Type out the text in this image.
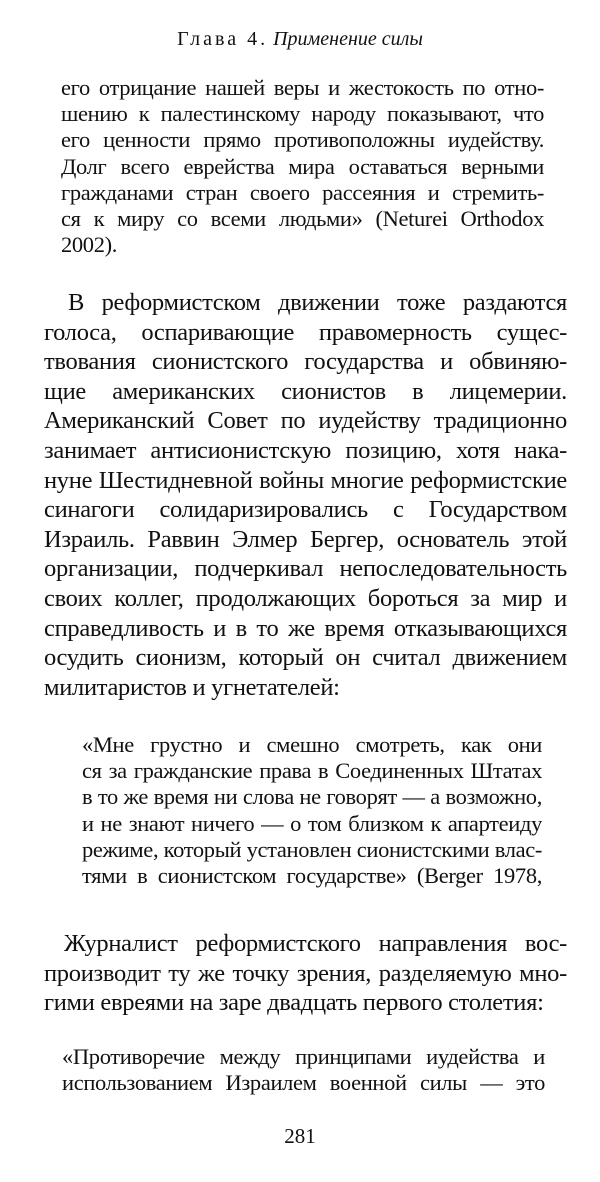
Глава 4. Применение силы
его отрицание нашей веры и жестокость по отно-
шению к палестинскому народу показывают, что
его ценности прямо противоположны иудейству.
Долг всего еврейства мира оставаться верными
гражданами стран своего рассеяния и стремить-
ся к миру со всеми людьми» (Neturei Orthodox
2002).
В реформистском движении тоже раздаются
голоса, оспаривающие правомерность сущес-
твования сионистского государства и обвиняю-
щие американских сионистов в лицемерии.
Американский Совет по иудейству традиционно
занимает антисионистскую позицию, хотя нака-
нуне Шестидневной войны многие реформистские
синагоги солидаризировались с Государством
Израиль. Раввин Элмер Бергер, основатель этой
организации, подчеркивал непоследовательность
своих коллег, продолжающих бороться за мир и
справедливость и в то же время отказывающихся
осудить сионизм, который он считал движением
милитаристов и угнетателей:
«Мне грустно и смешно смотреть, как они
ся за гражданские права в Соединенных Штатах
в то же время ни слова не говорят — а возможно,
и не знают ничего — о том близком к апартеиду
режиме, который установлен сионистскими влас-
тями в сионистском государстве» (Berger 1978,
Журналист реформистского направления вос-
производит ту же точку зрения, разделяемую мно-
гими евреями на заре двадцать первого столетия:
«Противоречие между принципами иудейства и
использованием Израилем военной силы — это
281
